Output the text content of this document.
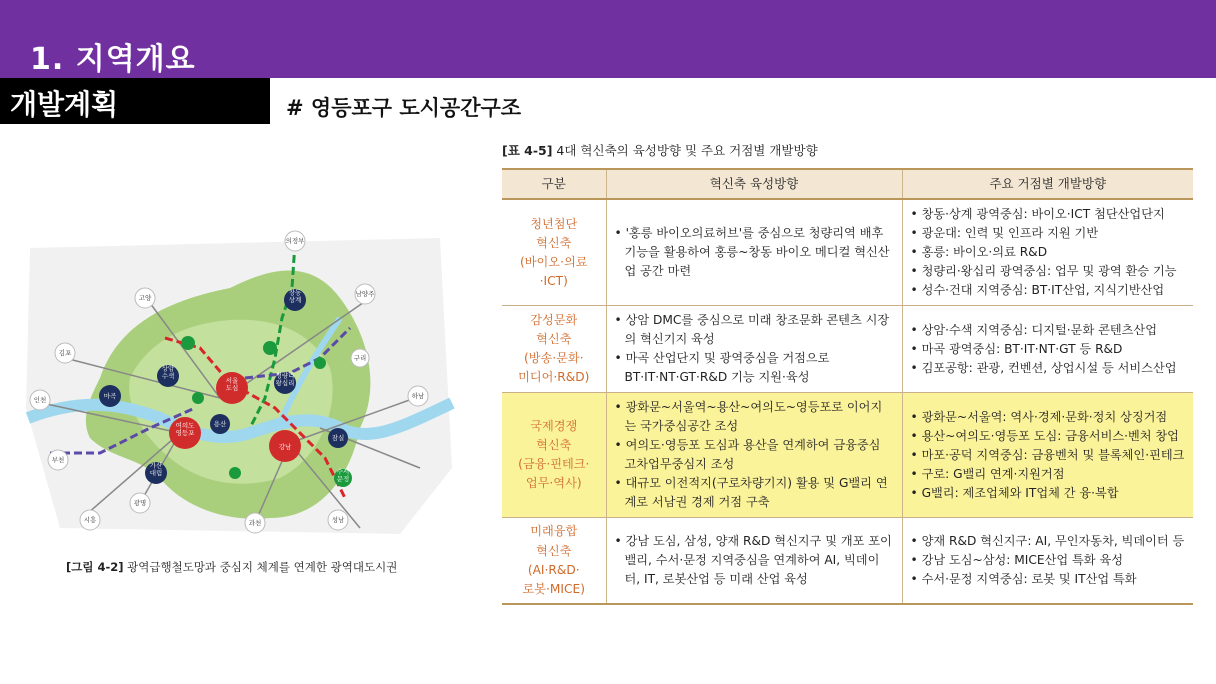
1. 지역개요
개발계획	# 영등포구 도시공간구조
서울 도심
여의도 영등포
강남
마곡
상암 수색
용산
청량리 왕십리
창동 상계
잠실
가산 대림	수서 문정
의정부
고양	남양주
김포
구리
인천	하남
부천
광명
시흥	과천	성남
[그림 4-2] 광역급행철도망과 중심지 체계를 연계한 광역대도시권
[표 4-5] 4대 혁신축의 육성방향 및 주요 거점별 개발방향
구분	혁신축 육성방향	주요 거점별 개발방향

청년첨단
혁신축
(바이오·의료
·ICT)	• '홍릉 바이오의료허브'를 중심으로 청량리역 배후기능을 활용하여 홍릉~창동 바이오 메디컬 혁신산업 공간 마련	• 창동·상계 광역중심: 바이오·ICT 첨단산업단지
• 광운대: 인력 및 인프라 지원 기반
• 홍릉: 바이오·의료 R&D
• 청량리·왕십리 광역중심: 업무 및 광역 환승 기능
• 성수·건대 지역중심: BT·IT산업, 지식기반산업

감성문화
혁신축
(방송·문화·
미디어·R&D)	• 상암 DMC를 중심으로 미래 창조문화 콘텐츠 시장의 혁신기지 육성
• 마곡 산업단지 및 광역중심을 거점으로 BT·IT·NT·GT·R&D 기능 지원·육성	• 상암·수색 지역중심: 디지털·문화 콘텐츠산업
• 마곡 광역중심: BT·IT·NT·GT 등 R&D
• 김포공항: 관광, 컨벤션, 상업시설 등 서비스산업

국제경쟁
혁신축
(금융·핀테크·
업무·역사)	• 광화문~서울역~용산~여의도~영등포로 이어지는 국가중심공간 조성
• 여의도·영등포 도심과 용산을 연계하여 금융중심 고차업무중심지 조성
• 대규모 이전적지(구로차량기지) 활용 및 G밸리 연계로 서남권 경제 거점 구축	• 광화문~서울역: 역사·경제·문화·정치 상징거점
• 용산~여의도·영등포 도심: 금융서비스·벤처 창업
• 마포·공덕 지역중심: 금융벤처 및 블록체인·핀테크
• 구로: G밸리 연계·지원거점
• G밸리: 제조업체와 IT업체 간 융·복합

미래융합
혁신축
(AI·R&D·
로봇·MICE)	• 강남 도심, 삼성, 양재 R&D 혁신지구 및 개포 포이밸리, 수서·문정 지역중심을 연계하여 AI, 빅데이터, IT, 로봇산업 등 미래 산업 육성	• 양재 R&D 혁신지구: AI, 무인자동차, 빅데이터 등
• 강남 도심~삼성: MICE산업 특화 육성
• 수서·문정 지역중심: 로봇 및 IT산업 특화
